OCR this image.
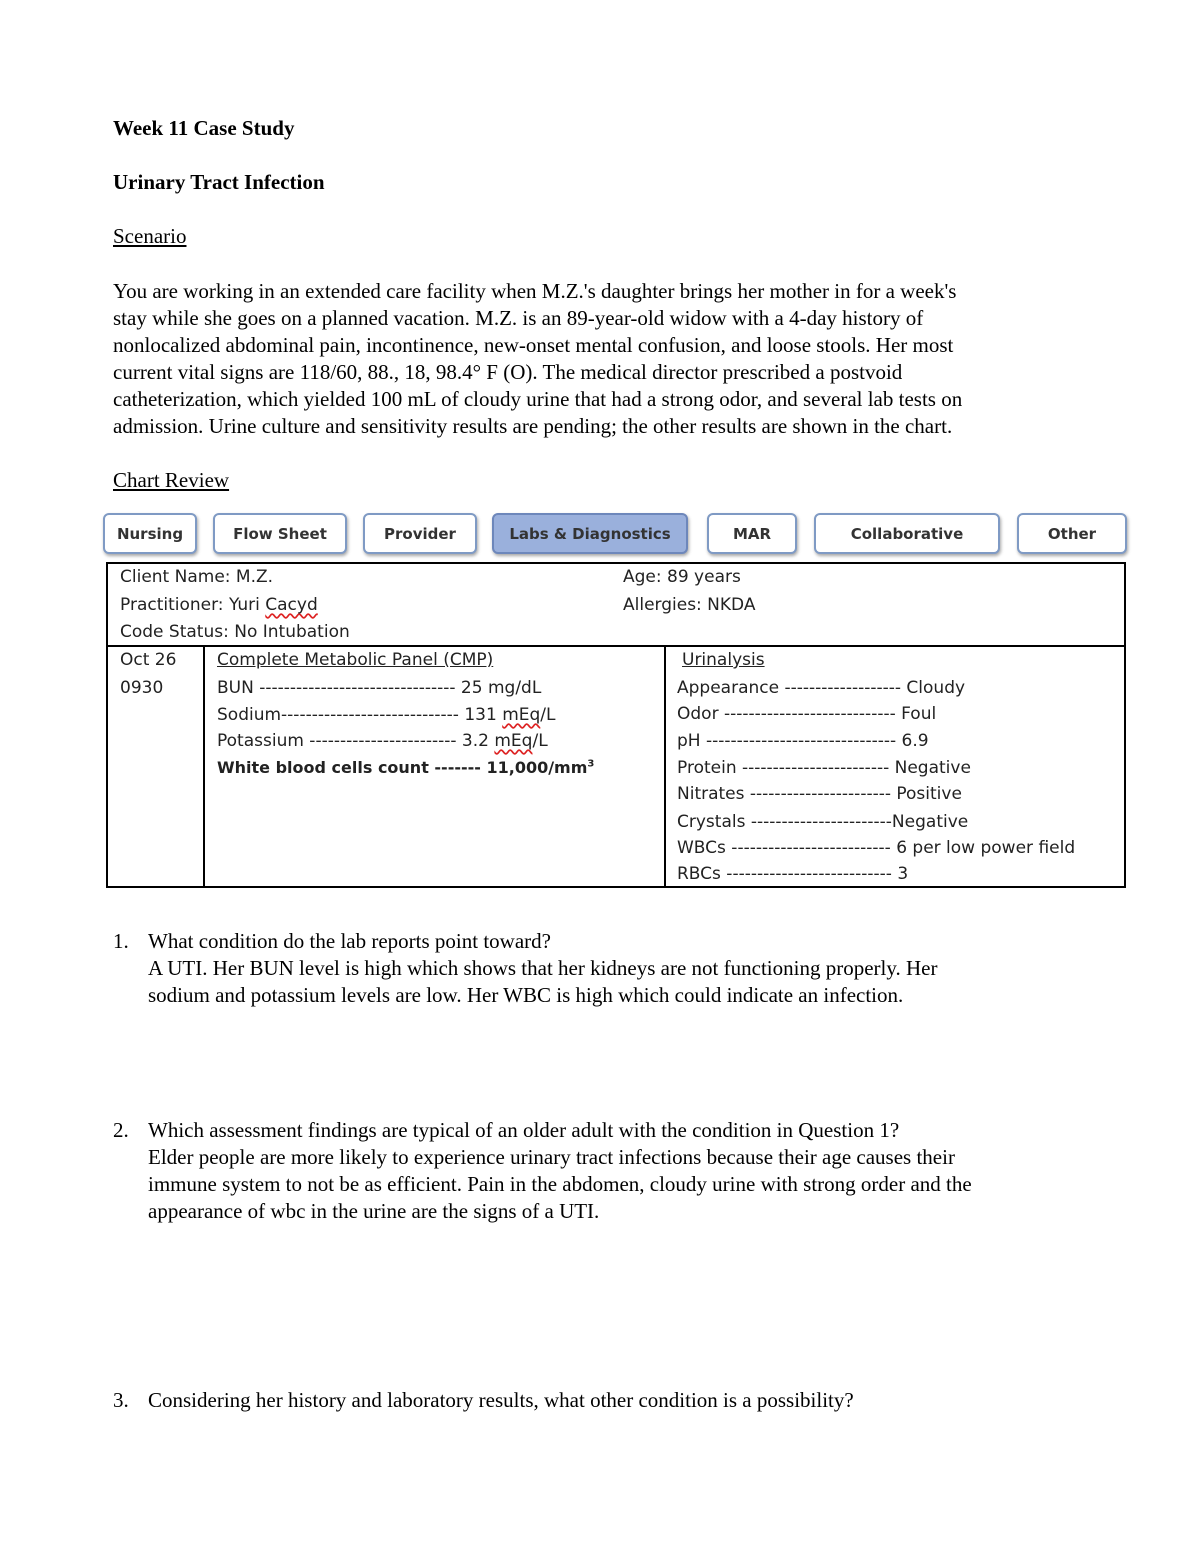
Week 11 Case Study
Urinary Tract Infection
Scenario
You are working in an extended care facility when M.Z.'s daughter brings her mother in for a week's
stay while she goes on a planned vacation. M.Z. is an 89-year-old widow with a 4-day history of
nonlocalized abdominal pain, incontinence, new-onset mental confusion, and loose stools. Her most
current vital signs are 118/60, 88., 18, 98.4° F (O). The medical director prescribed a postvoid
catheterization, which yielded 100 mL of cloudy urine that had a strong odor, and several lab tests on
admission. Urine culture and sensitivity results are pending; the other results are shown in the chart.
Chart Review
Nursing	Flow Sheet	Provider	Labs & Diagnostics	MAR	Collaborative	Other
Client Name: M.Z.
Practitioner: Yuri Cacyd
Code Status: No Intubation
Age: 89 years
Allergies: NKDA
Oct 26
0930
Complete Metabolic Panel (CMP)
BUN -------------------------------- 25 mg/dL
Sodium----------------------------- 131 mEq/L
Potassium ------------------------ 3.2 mEq/L
White blood cells count ------- $11,000/mm^3$
Urinalysis
Appearance ------------------- Cloudy
Odor ---------------------------- Foul
pH ------------------------------- 6.9
Protein ------------------------ Negative
Nitrates ----------------------- Positive
Crystals -----------------------Negative
WBCs -------------------------- 6 per low power field
RBCs --------------------------- 3
1. What condition do the lab reports point toward?
A UTI. Her BUN level is high which shows that her kidneys are not functioning properly. Her
sodium and potassium levels are low. Her WBC is high which could indicate an infection.
2. Which assessment findings are typical of an older adult with the condition in Question 1?
Elder people are more likely to experience urinary tract infections because their age causes their
immune system to not be as efficient. Pain in the abdomen, cloudy urine with strong order and the
appearance of wbc in the urine are the signs of a UTI.
3. Considering her history and laboratory results, what other condition is a possibility?
